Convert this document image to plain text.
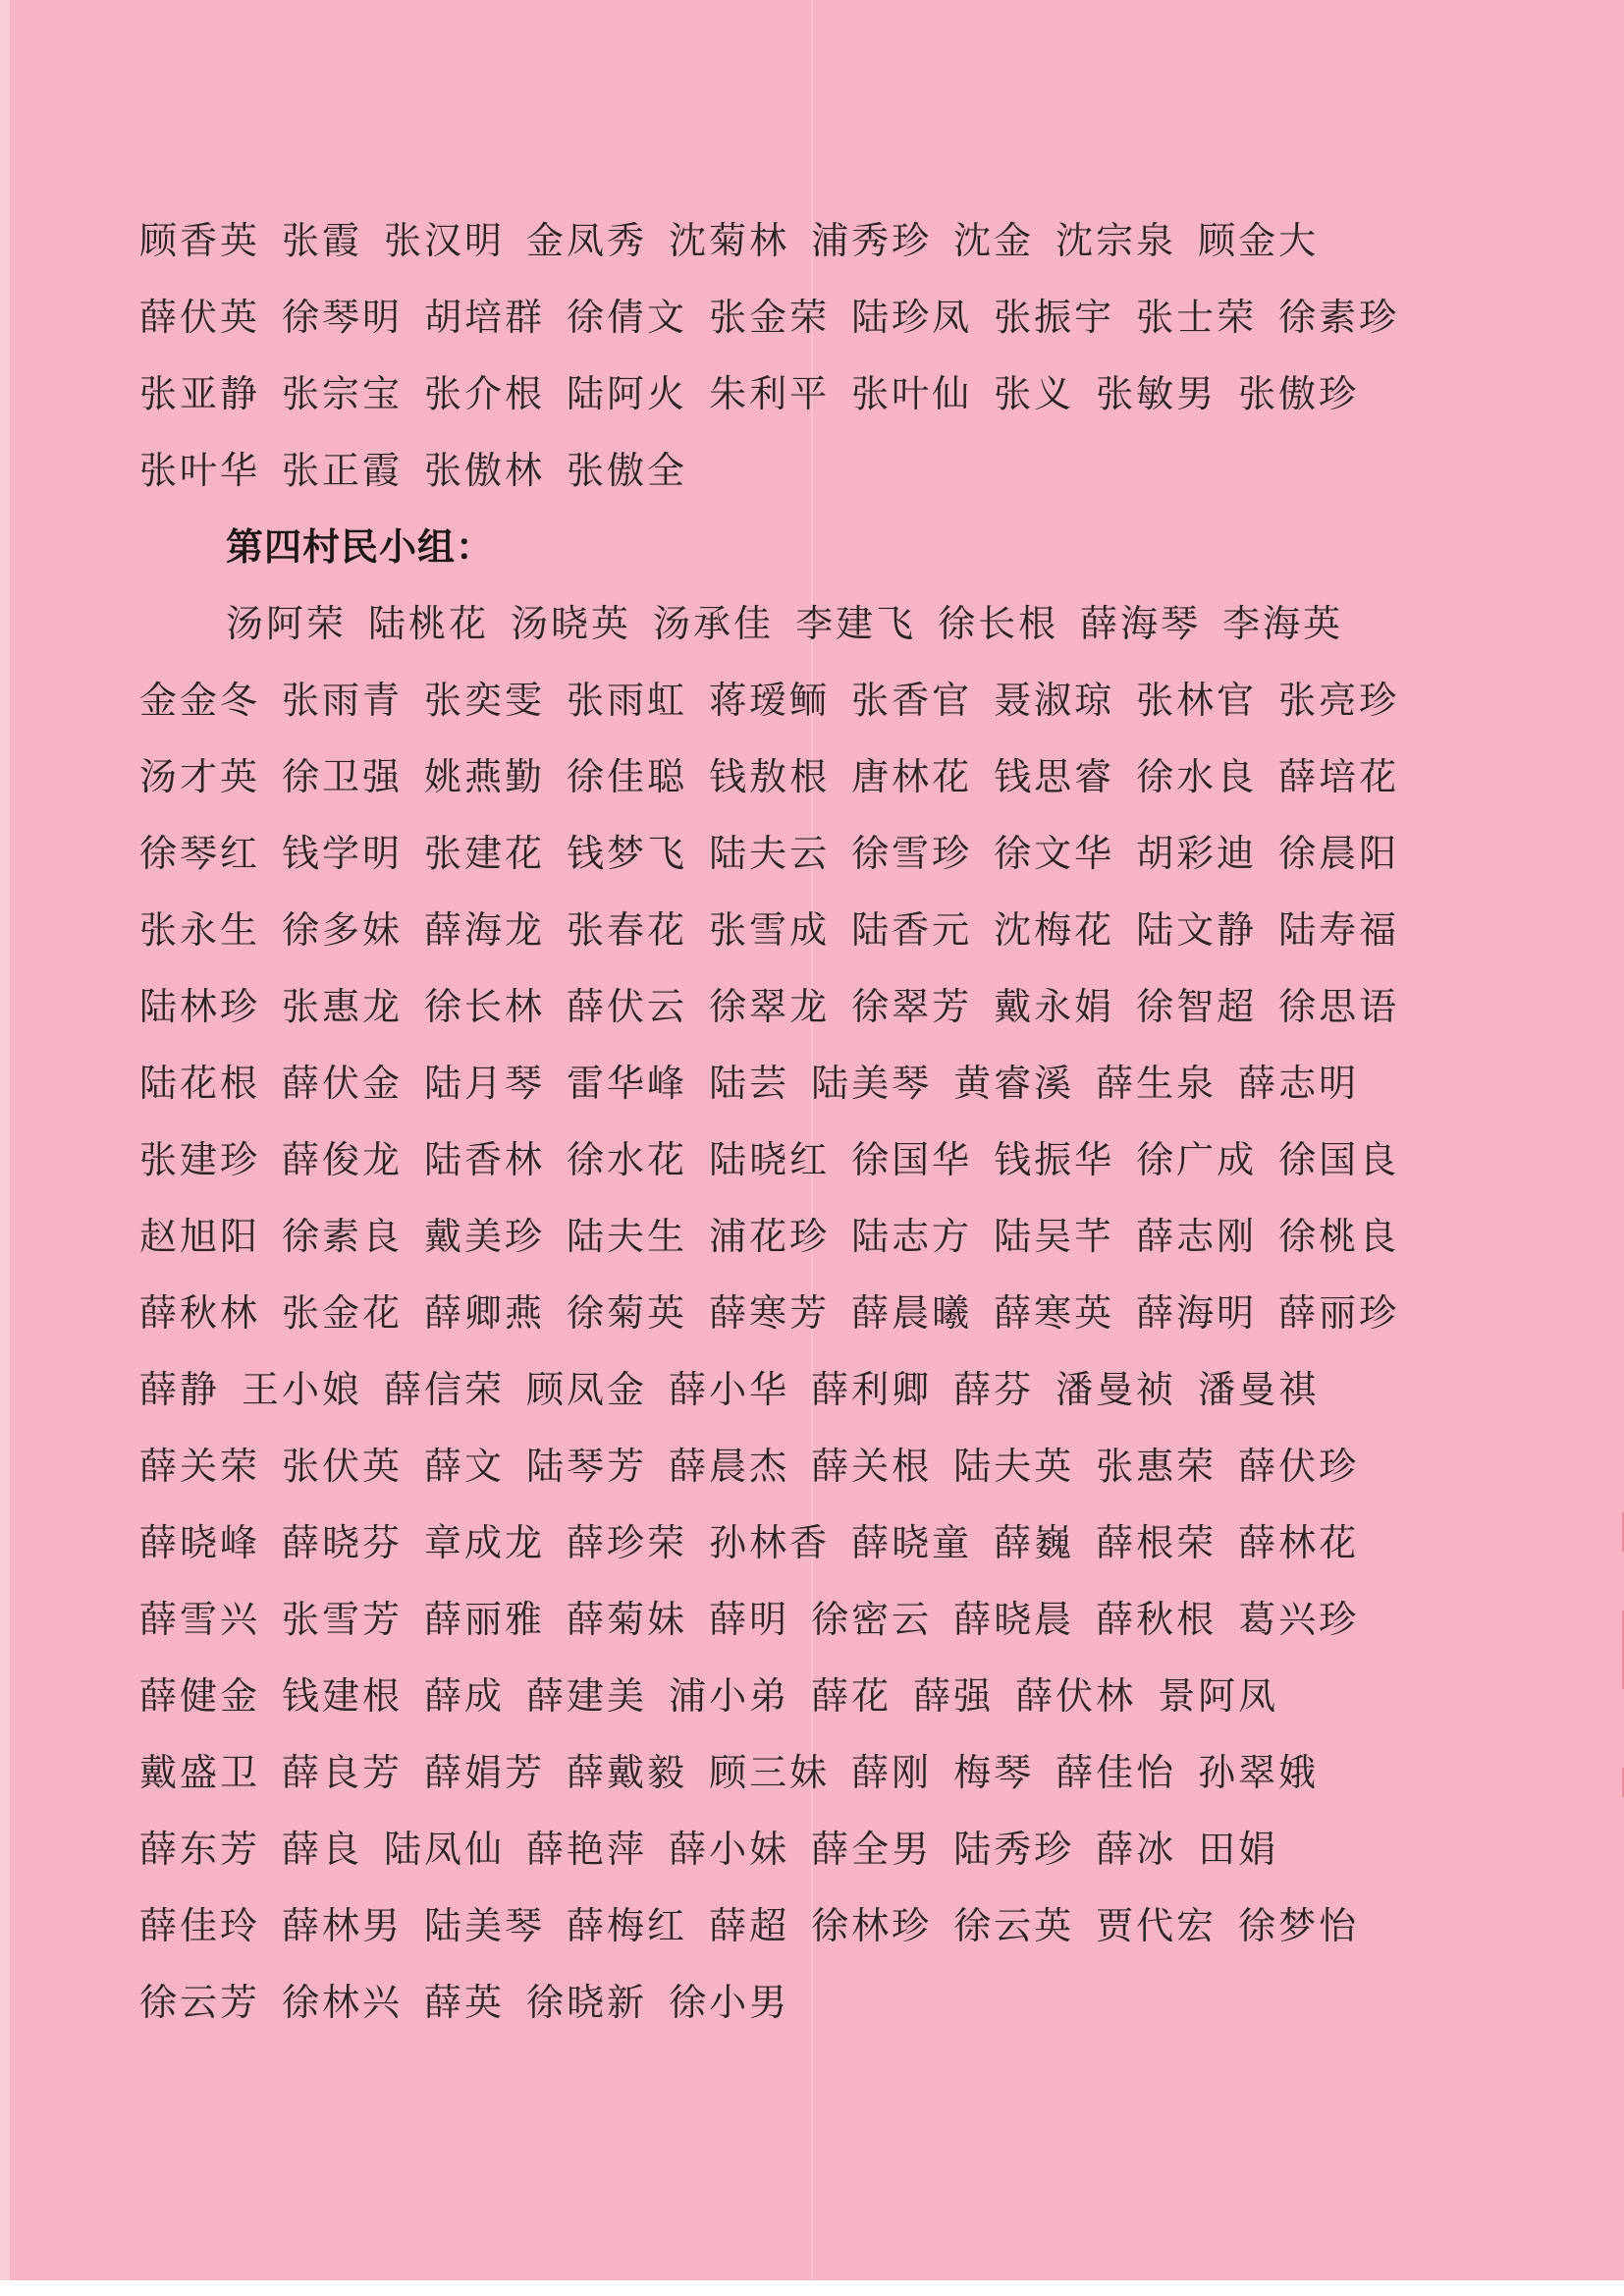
顾香英 张霞 张汉明 金凤秀 沈菊林 浦秀珍 沈金 沈宗泉 顾金大
薛伏英 徐琴明 胡培群 徐倩文 张金荣 陆珍凤 张振宇 张士荣 徐素珍
张亚静 张宗宝 张介根 陆阿火 朱利平 张叶仙 张义 张敏男 张傲珍
张叶华 张正霞 张傲林 张傲全
第四村民小组：
汤阿荣 陆桃花 汤晓英 汤承佳 李建飞 徐长根 薛海琴 李海英
金金冬 张雨青 张奕雯 张雨虹 蒋瑷鲕 张香官 聂淑琼 张林官 张亮珍
汤才英 徐卫强 姚燕勤 徐佳聪 钱敖根 唐林花 钱思睿 徐水良 薛培花
徐琴红 钱学明 张建花 钱梦飞 陆夫云 徐雪珍 徐文华 胡彩迪 徐晨阳
张永生 徐多妹 薛海龙 张春花 张雪成 陆香元 沈梅花 陆文静 陆寿福
陆林珍 张惠龙 徐长林 薛伏云 徐翠龙 徐翠芳 戴永娟 徐智超 徐思语
陆花根 薛伏金 陆月琴 雷华峰 陆芸 陆美琴 黄睿溪 薛生泉 薛志明
张建珍 薛俊龙 陆香林 徐水花 陆晓红 徐国华 钱振华 徐广成 徐国良
赵旭阳 徐素良 戴美珍 陆夫生 浦花珍 陆志方 陆吴芊 薛志刚 徐桃良
薛秋林 张金花 薛卿燕 徐菊英 薛寒芳 薛晨曦 薛寒英 薛海明 薛丽珍
薛静 王小娘 薛信荣 顾凤金 薛小华 薛利卿 薛芬 潘曼祯 潘曼祺
薛关荣 张伏英 薛文 陆琴芳 薛晨杰 薛关根 陆夫英 张惠荣 薛伏珍
薛晓峰 薛晓芬 章成龙 薛珍荣 孙林香 薛晓童 薛巍 薛根荣 薛林花
薛雪兴 张雪芳 薛丽雅 薛菊妹 薛明 徐密云 薛晓晨 薛秋根 葛兴珍
薛健金 钱建根 薛成 薛建美 浦小弟 薛花 薛强 薛伏林 景阿凤
戴盛卫 薛良芳 薛娟芳 薛戴毅 顾三妹 薛刚 梅琴 薛佳怡 孙翠娥
薛东芳 薛良 陆凤仙 薛艳萍 薛小妹 薛全男 陆秀珍 薛冰 田娟
薛佳玲 薛林男 陆美琴 薛梅红 薛超 徐林珍 徐云英 贾代宏 徐梦怡
徐云芳 徐林兴 薛英 徐晓新 徐小男
